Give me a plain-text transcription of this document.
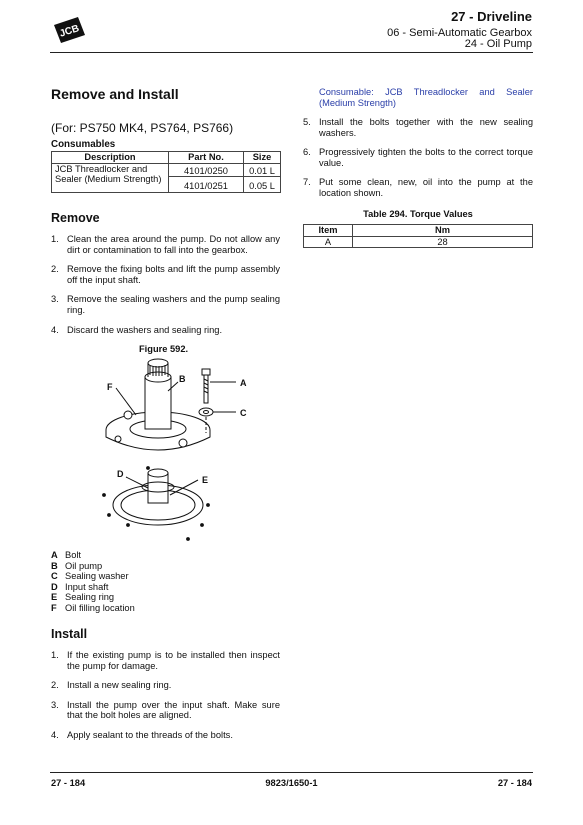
JCB
27 - Driveline
06 - Semi-Automatic Gearbox
24 - Oil Pump
Remove and Install
(For: PS750 MK4, PS764, PS766)
Consumables
Description	Part No.	Size
JCB Threadlocker and Sealer (Medium Strength)	4101/0250	0.01 L
	4101/0251	0.05 L
Remove
1. Clean the area around the pump. Do not allow any dirt or contamination to fall into the gearbox.
2. Remove the fixing bolts and lift the pump assembly off the input shaft.
3. Remove the sealing washers and the pump sealing ring.
4. Discard the washers and sealing ring.
Figure 592.
A
C
B
F
D
E
A Bolt
B Oil pump
C Sealing washer
D Input shaft
E Sealing ring
F Oil filling location
Install
1. If the existing pump is to be installed then inspect the pump for damage.
2. Install a new sealing ring.
3. Install the pump over the input shaft. Make sure that the bolt holes are aligned.
4. Apply sealant to the threads of the bolts.
Consumable: JCB Threadlocker and Sealer (Medium Strength)
5. Install the bolts together with the new sealing washers.
6. Progressively tighten the bolts to the correct torque value.
7. Put some clean, new, oil into the pump at the location shown.
Table 294. Torque Values
Item	Nm
A	28
27 - 184	9823/1650-1	27 - 184
